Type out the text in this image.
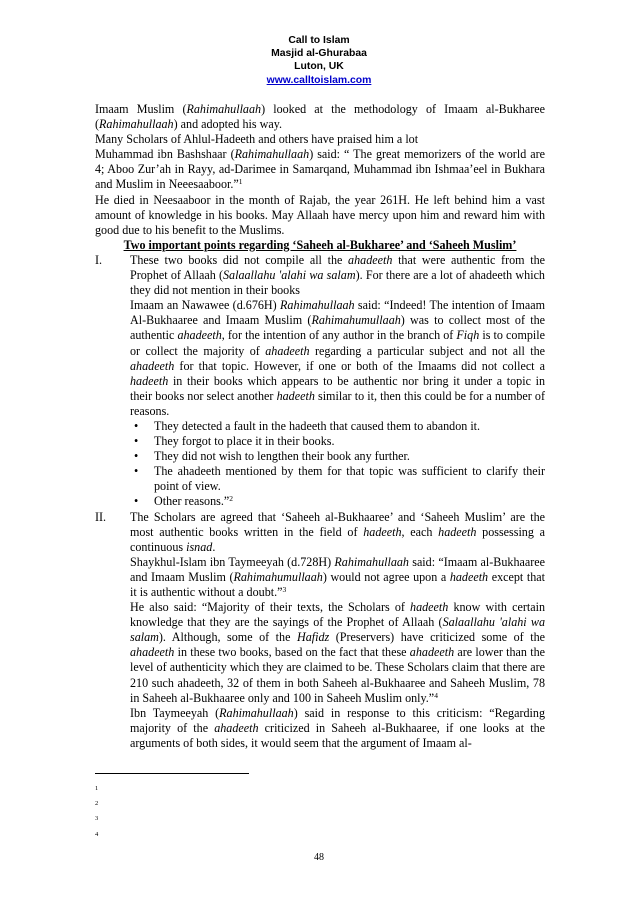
Call to Islam
Masjid al-Ghurabaa
Luton, UK
www.calltoislam.com

Imaam Muslim (Rahimahullaah) looked at the methodology of Imaam al-Bukharee (Rahimahullaah) and adopted his way.

Many Scholars of Ahlul-Hadeeth and others have praised him a lot

Muhammad ibn Bashshaar (Rahimahullaah) said: “ The great memorizers of the world are 4; Aboo Zur’ah in Rayy, ad-Darimee in Samarqand, Muhammad ibn Ishmaa’eel in Bukhara and Muslim in Neeesaaboor.”$^1$

He died in Neesaaboor in the month of Rajab, the year 261H. He left behind him a vast amount of knowledge in his books. May Allaah have mercy upon him and reward him with good due to his benefit to the Muslims.

Two important points regarding ‘Saheeh al-Bukharee’ and ‘Saheeh Muslim’

I. These two books did not compile all the ahadeeth that were authentic from the Prophet of Allaah (Salaallahu 'alahi wa salam). For there are a lot of ahadeeth which they did not mention in their books

Imaam an Nawawee (d.676H) Rahimahullaah said: “Indeed! The intention of Imaam Al-Bukhaaree and Imaam Muslim (Rahimahumullaah) was to collect most of the authentic ahadeeth, for the intention of any author in the branch of Fiqh is to compile or collect the majority of ahadeeth regarding a particular subject and not all the ahadeeth for that topic. However, if one or both of the Imaams did not collect a hadeeth in their books which appears to be authentic nor bring it under a topic in their books nor select another hadeeth similar to it, then this could be for a number of reasons.

• They detected a fault in the hadeeth that caused them to abandon it.
• They forgot to place it in their books.
• They did not wish to lengthen their book any further.
• The ahadeeth mentioned by them for that topic was sufficient to clarify their point of view.
• Other reasons.”$^2$
II. The Scholars are agreed that ‘Saheeh al-Bukhaaree’ and ‘Saheeh Muslim’ are the most authentic books written in the field of hadeeth, each hadeeth possessing a continuous isnad.

Shaykhul-Islam ibn Taymeeyah (d.728H) Rahimahullaah said: “Imaam al-Bukhaaree and Imaam Muslim (Rahimahumullaah) would not agree upon a hadeeth except that it is authentic without a doubt.”$^3$

He also said: “Majority of their texts, the Scholars of hadeeth know with certain knowledge that they are the sayings of the Prophet of Allaah (Salaallahu 'alahi wa salam). Although, some of the Hafidz (Preservers) have criticized some of the ahadeeth in these two books, based on the fact that these ahadeeth are lower than the level of authenticity which they are claimed to be. These Scholars claim that there are 210 such ahadeeth, 32 of them in both Saheeh al-Bukhaaree and Saheeh Muslim, 78 in Saheeh al-Bukhaaree only and 100 in Saheeh Muslim only.”$^4$

Ibn Taymeeyah (Rahimahullaah) said in response to this criticism: “Regarding majority of the ahadeeth criticized in Saheeh al-Bukhaaree, if one looks at the arguments of both sides, it would seem that the argument of Imaam al-

1
2
3
4
48
